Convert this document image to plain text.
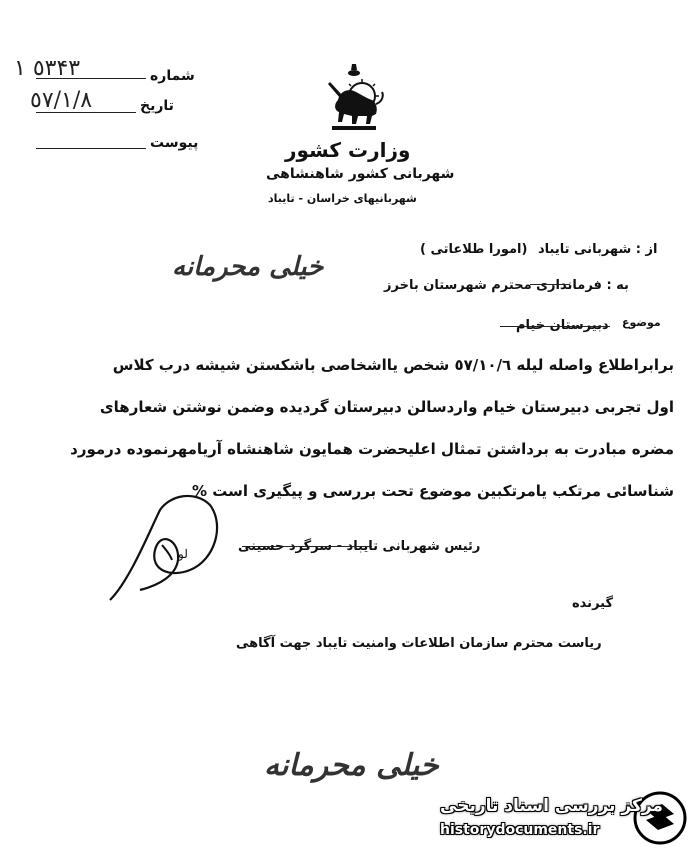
شماره
٥٣ ١۴٣
تاریخ
٥٧/١/٨
پیوست	وزارت کشور
شهربانی کشور شاهنشاهی
شهربانیهای خراسان - تایباد
از : شهربانی تایباد
(امورا طلاعاتی )
خیلی محرمانه
به : فرمانداری محترم شهرستان باخرز
موضوع
دبیرستان خیام
برابراطلاع واصله لیله ٥٧/١٠/٦ شخص یااشخاصی باشکستن شیشه درب کلاس
اول تجربی دبیرستان خیام واردسالن دبیرستان گردیده وضمن نوشتن شعارهای
مضره مبادرت به برداشتن تمثال اعلیحضرت همایون شاهنشاه آریامهرنموده درمورد
شناسائی مرتکب یامرتکبین موضوع تحت بررسی و پیگیری است %
لو	رئیس شهربانی تایباد - سرگرد حسینی
گیرنده
ریاست محترم سازمان اطلاعات وامنیت تایباد جهت آگاهی
خیلی محرمانه
مرکز بررسی اسناد تاریخی
historydocuments.ir
